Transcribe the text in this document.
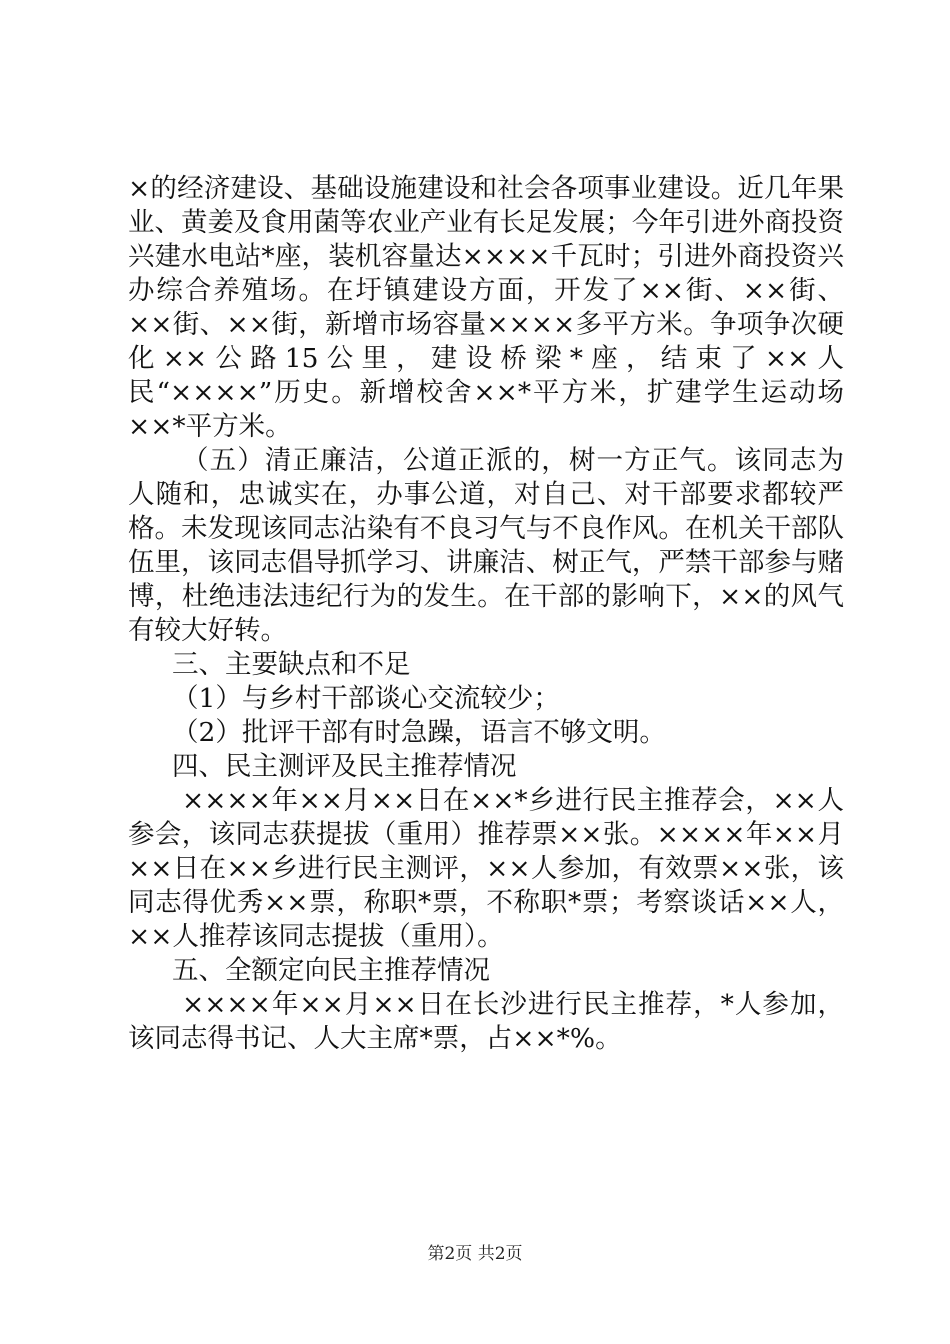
×的经济建设、基础设施建设和社会各项事业建设。近几年果业、黄姜及食用菌等农业产业有长足发展；今年引进外商投资兴建水电站*座，装机容量达××××千瓦时；引进外商投资兴办综合养殖场。在圩镇建设方面，开发了××街、××街、××街、××街，新增市场容量××××多平方米。争项争次硬化××公路15公里，建设桥梁*座，结束了××人民“××××”历史。新增校舍××*平方米，扩建学生运动场××*平方米。

（五）清正廉洁，公道正派的，树一方正气。该同志为人随和，忠诚实在，办事公道，对自己、对干部要求都较严格。未发现该同志沾染有不良习气与不良作风。在机关干部队伍里，该同志倡导抓学习、讲廉洁、树正气，严禁干部参与赌博，杜绝违法违纪行为的发生。在干部的影响下，××的风气有较大好转。

三、主要缺点和不足

（1）与乡村干部谈心交流较少；

（2）批评干部有时急躁，语言不够文明。

四、民主测评及民主推荐情况

××××年××月××日在××*乡进行民主推荐会，××人参会，该同志获提拔（重用）推荐票××张。××××年××月××日在××乡进行民主测评，××人参加，有效票××张，该同志得优秀××票，称职*票，不称职*票；考察谈话××人，××人推荐该同志提拔（重用）。

五、全额定向民主推荐情况

××××年××月××日在长沙进行民主推荐，*人参加，该同志得书记、人大主席*票，占××*%。

第2页 共2页
